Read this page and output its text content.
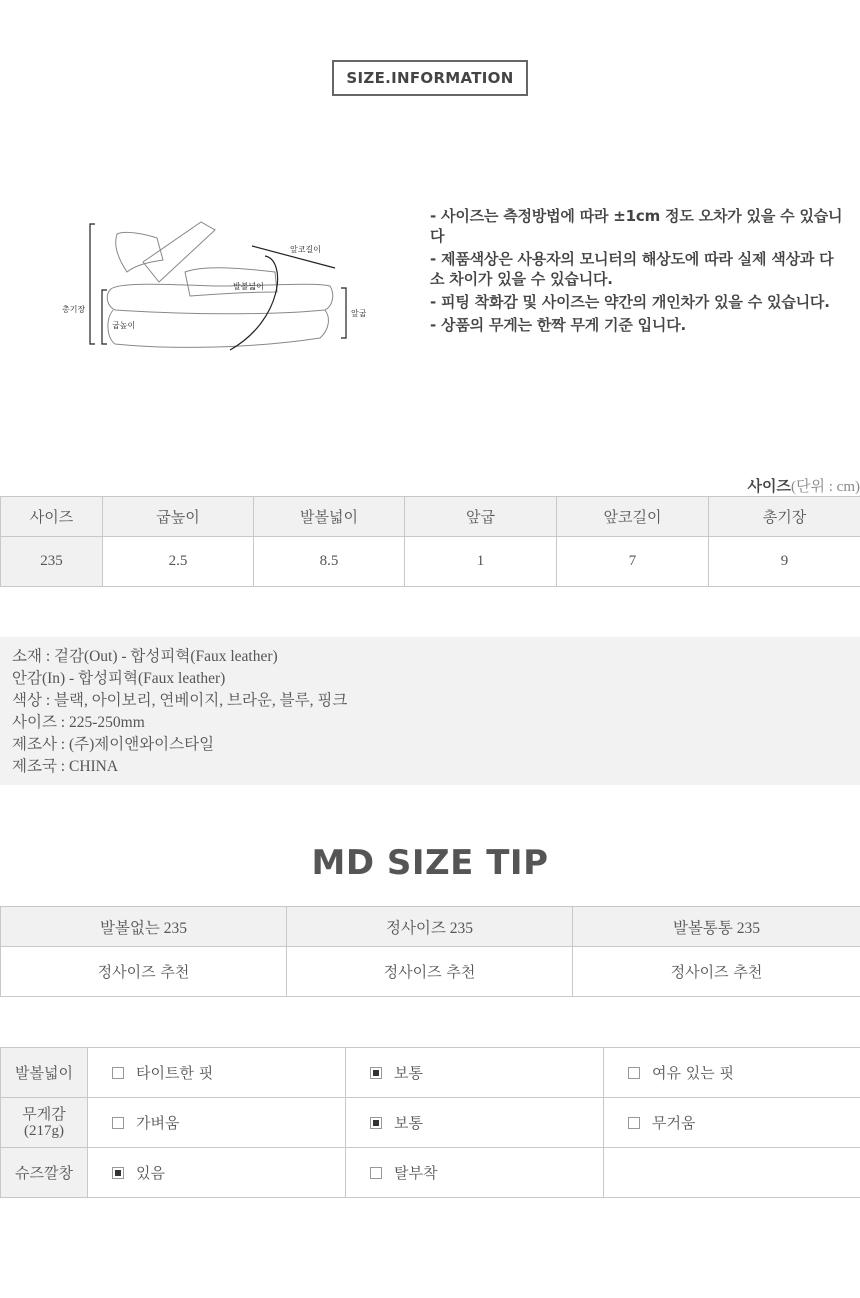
SIZE.INFORMATION
앞코길이
발볼넓이
총기장	앞굽
굽높이

- 사이즈는 측정방법에 따라 ±1cm 정도 오차가 있을 수 있습니다

- 제품색상은 사용자의 모니터의 해상도에 따라 실제 색상과 다소 차이가 있을 수 있습니다.

- 피팅 착화감 및 사이즈는 약간의 개인차가 있을 수 있습니다.

- 상품의 무게는 한짝 무게 기준 입니다.

사이즈(단위 : cm)
사이즈	굽높이	발볼넓이	앞굽	앞코길이	총기장
235	2.5	8.5	1	7	9
소재 : 겉감(Out) - 합성피혁(Faux leather)
안감(In) - 합성피혁(Faux leather)
색상 : 블랙, 아이보리, 연베이지, 브라운, 블루, 핑크
사이즈 : 225-250mm
제조사 : (주)제이앤와이스타일
제조국 : CHINA
MD SIZE TIP
발볼없는 235	정사이즈 235	발볼통통 235
정사이즈 추천	정사이즈 추천	정사이즈 추천
발볼넓이	타이트한 핏	보통	여유 있는 핏
무게감
(217g)	가벼움	보통	무거움
슈즈깔창	있음	탈부착	
